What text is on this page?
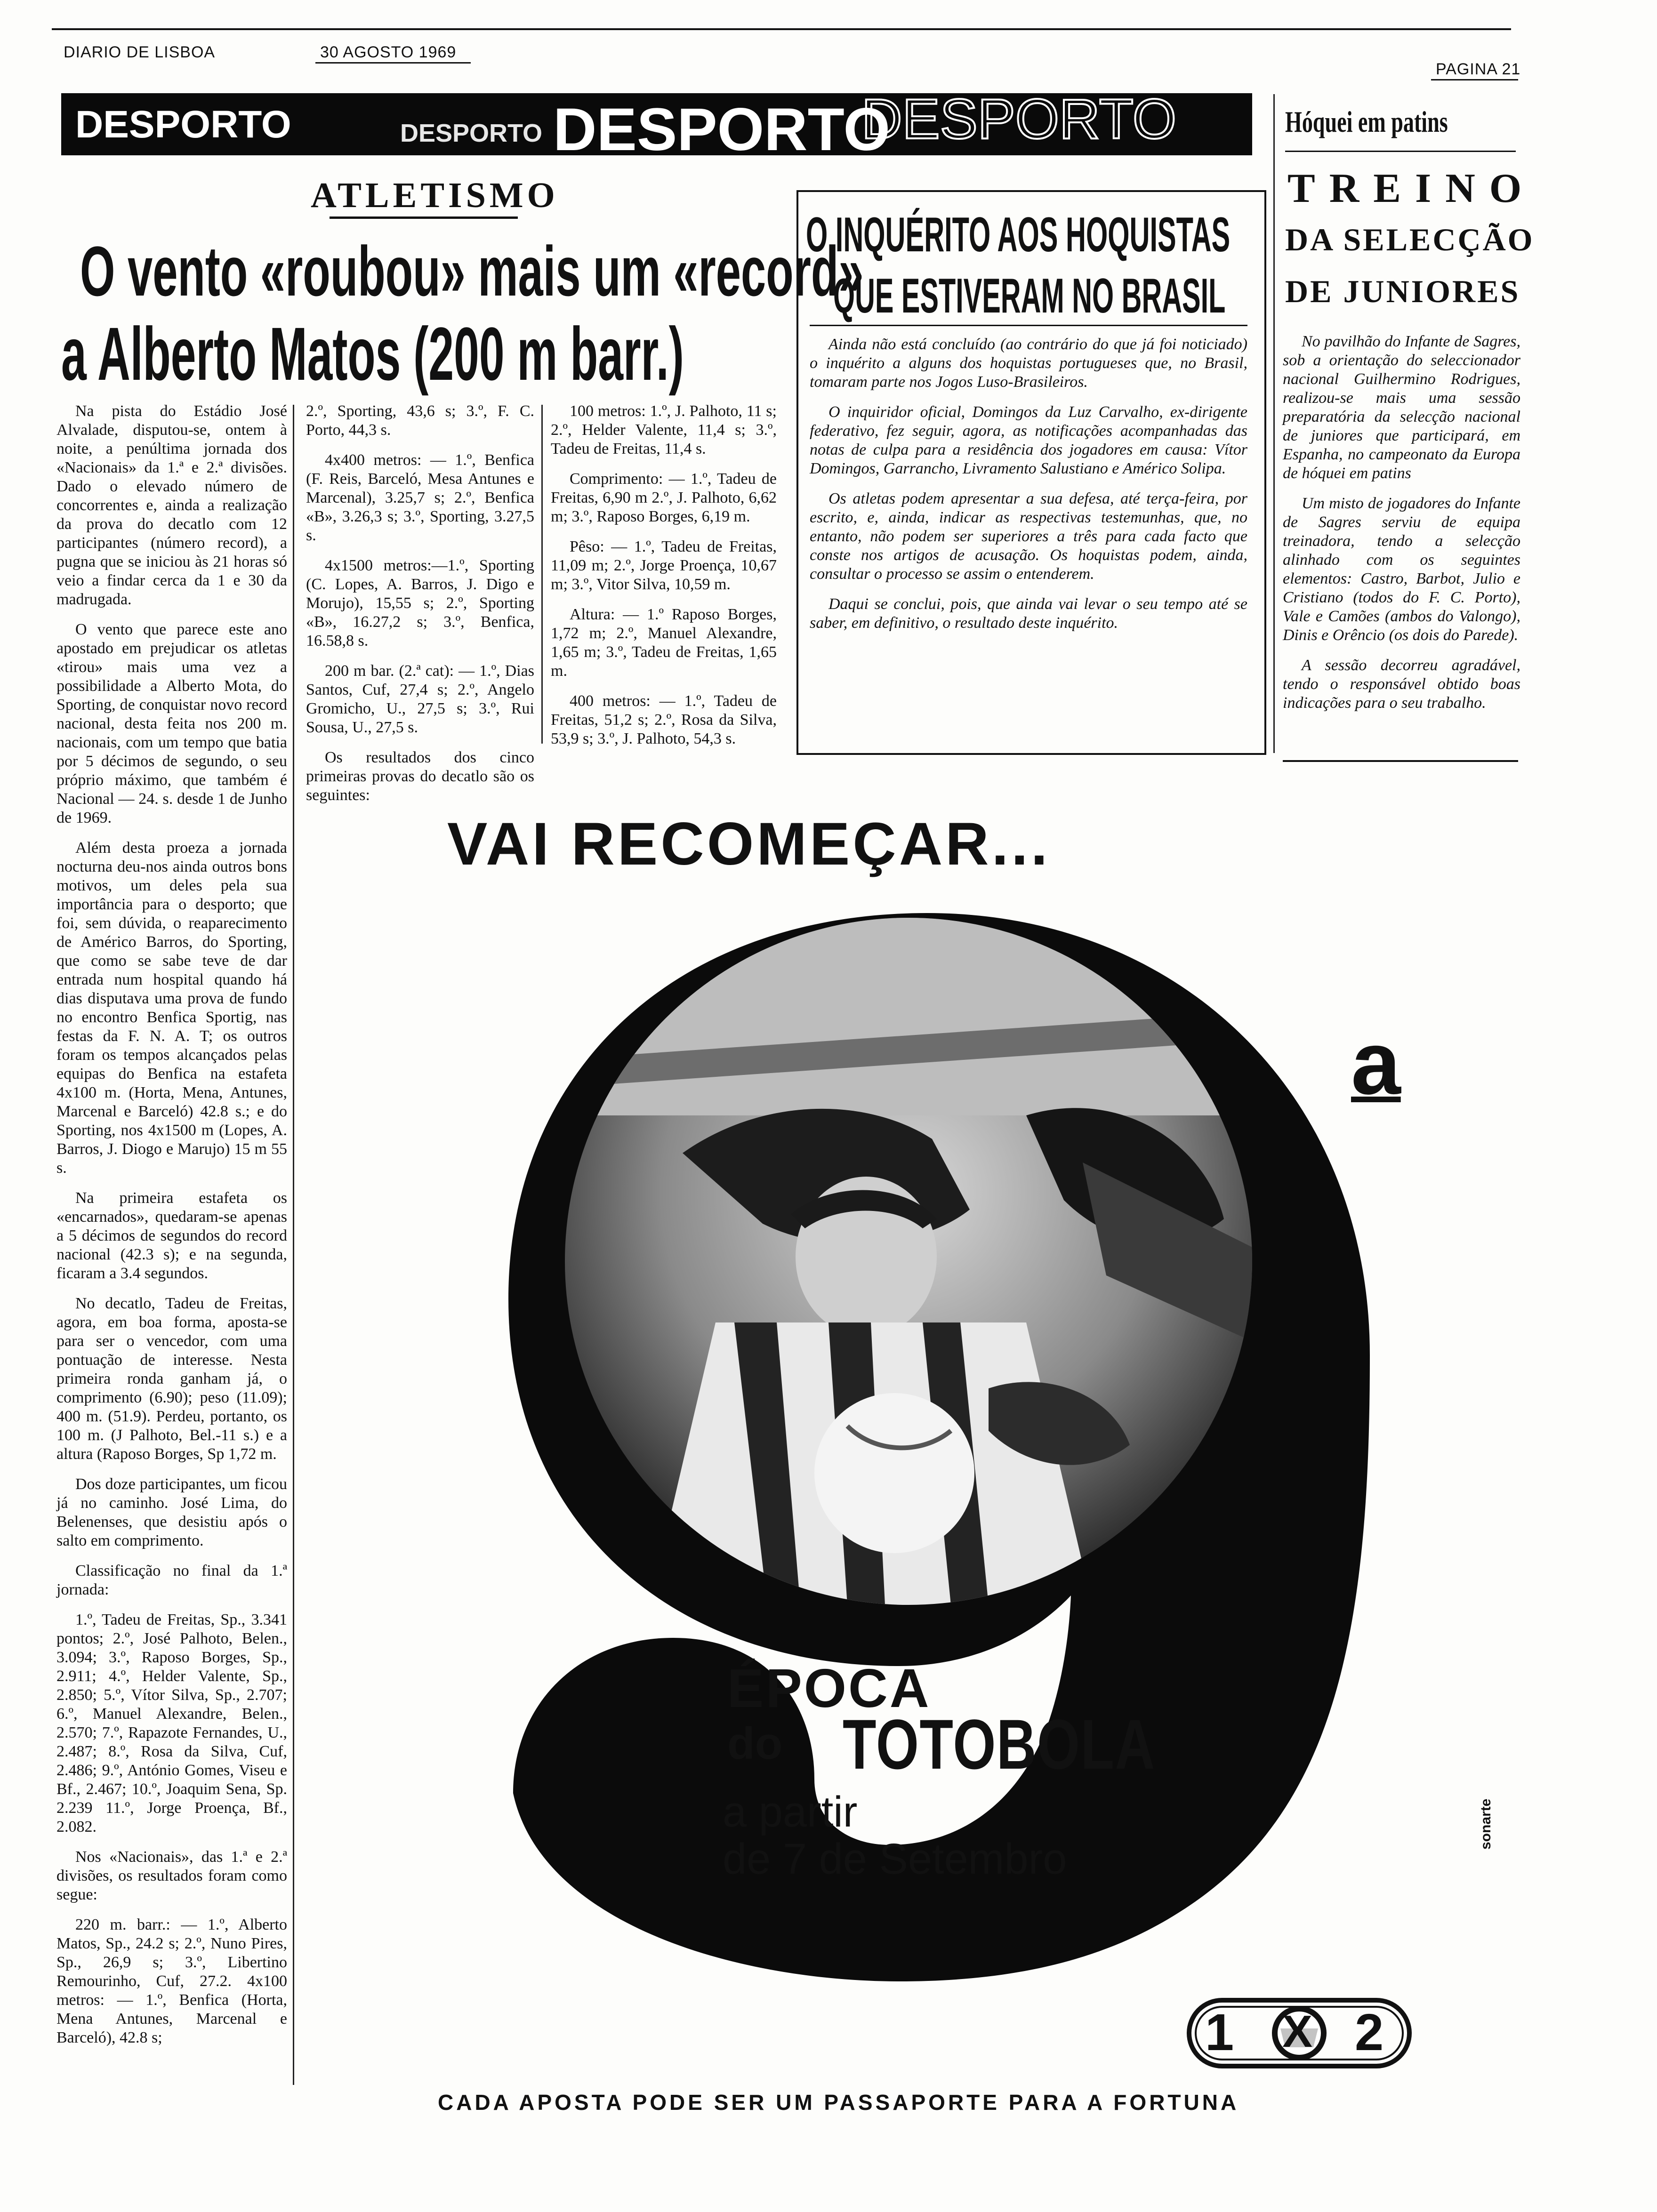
DIARIO DE LISBOA	30 AGOSTO 1969
PAGINA 21
DESPORTO	DESPORTO DESPORTO
DESPORTO
ATLETISMO
O vento «roubou» mais um «record»
a Alberto Matos (200 m barr.)

Na pista do Estádio José Alvalade, disputou-se, ontem à noite, a penúltima jornada dos «Nacionais» da 1.ª e 2.ª divisões. Dado o elevado número de concorrentes e, ainda a realização da prova do decatlo com 12 participantes (número record), a pugna que se iniciou às 21 horas só veio a findar cerca da 1 e 30 da madrugada.

O vento que parece este ano apostado em prejudicar os atletas «tirou» mais uma vez a possibilidade a Alberto Mota, do Sporting, de conquistar novo record nacional, desta feita nos 200 m. nacionais, com um tempo que batia por 5 décimos de segundo, o seu próprio máximo, que também é Nacional — 24. s. desde 1 de Junho de 1969.

Além desta proeza a jornada nocturna deu-nos ainda outros bons motivos, um deles pela sua importância para o desporto; que foi, sem dúvida, o reaparecimento de Américo Barros, do Sporting, que como se sabe teve de dar entrada num hospital quando há dias disputava uma prova de fundo no encontro Benfica Sportig, nas festas da F. N. A. T; os outros foram os tempos alcançados pelas equipas do Benfica na estafeta 4x100 m. (Horta, Mena, Antunes, Marcenal e Barceló) 42.8 s.; e do Sporting, nos 4x1500 m (Lopes, A. Barros, J. Diogo e Marujo) 15 m 55 s.

Na primeira estafeta os «encarnados», quedaram-se apenas a 5 décimos de segundos do record nacional (42.3 s); e na segunda, ficaram a 3.4 segundos.

No decatlo, Tadeu de Freitas, agora, em boa forma, aposta-se para ser o vencedor, com uma pontuação de interesse. Nesta primeira ronda ganham já, o comprimento (6.90); peso (11.09); 400 m. (51.9). Perdeu, portanto, os 100 m. (J Palhoto, Bel.-11 s.) e a altura (Raposo Borges, Sp 1,72 m.

Dos doze participantes, um ficou já no caminho. José Lima, do Belenenses, que desistiu após o salto em comprimento.

Classificação no final da 1.ª jornada:

1.º, Tadeu de Freitas, Sp., 3.341 pontos; 2.º, José Palhoto, Belen., 3.094; 3.º, Raposo Borges, Sp., 2.911; 4.º, Helder Valente, Sp., 2.850; 5.º, Vítor Silva, Sp., 2.707; 6.º, Manuel Alexandre, Belen., 2.570; 7.º, Rapazote Fernandes, U., 2.487; 8.º, Rosa da Silva, Cuf, 2.486; 9.º, António Gomes, Viseu e Bf., 2.467; 10.º, Joaquim Sena, Sp. 2.239 11.º, Jorge Proença, Bf., 2.082.

Nos «Nacionais», das 1.ª e 2.ª divisões, os resultados foram como segue:

220 m. barr.: — 1.º, Alberto Matos, Sp., 24.2 s; 2.º, Nuno Pires, Sp., 26,9 s; 3.º, Libertino Remourinho, Cuf, 27.2. 4x100 metros: — 1.º, Benfica (Horta, Mena Antunes, Marcenal e Barceló), 42.8 s;

2.º, Sporting, 43,6 s; 3.º, F. C. Porto, 44,3 s.

4x400 metros: — 1.º, Benfica (F. Reis, Barceló, Mesa Antunes e Marcenal), 3.25,7 s; 2.º, Benfica «B», 3.26,3 s; 3.º, Sporting, 3.27,5 s.

4x1500 metros:—1.º, Sporting (C. Lopes, A. Barros, J. Digo e Morujo), 15,55 s; 2.º, Sporting «B», 16.27,2 s; 3.º, Benfica, 16.58,8 s.

200 m bar. (2.ª cat): — 1.º, Dias Santos, Cuf, 27,4 s; 2.º, Angelo Gromicho, U., 27,5 s; 3.º, Rui Sousa, U., 27,5 s.

Os resultados dos cinco primeiras provas do decatlo são os seguintes:

100 metros: 1.º, J. Palhoto, 11 s; 2.º, Helder Valente, 11,4 s; 3.º, Tadeu de Freitas, 11,4 s.

Comprimento: — 1.º, Tadeu de Freitas, 6,90 m 2.º, J. Palhoto, 6,62 m; 3.º, Raposo Borges, 6,19 m.

Pêso: — 1.º, Tadeu de Freitas, 11,09 m; 2.º, Jorge Proença, 10,67 m; 3.º, Vitor Silva, 10,59 m.

Altura: — 1.º Raposo Borges, 1,72 m; 2.º, Manuel Alexandre, 1,65 m; 3.º, Tadeu de Freitas, 1,65 m.

400 metros: — 1.º, Tadeu de Freitas, 51,2 s; 2.º, Rosa da Silva, 53,9 s; 3.º, J. Palhoto, 54,3 s.

O INQUÉRITO AOS HOQUISTAS
QUE ESTIVERAM NO BRASIL

Ainda não está concluído (ao contrário do que já foi noticiado) o inquérito a alguns dos hoquistas portugueses que, no Brasil, tomaram parte nos Jogos Luso-Brasileiros.

O inquiridor oficial, Domingos da Luz Carvalho, ex-dirigente federativo, fez seguir, agora, as notificações acompanhadas das notas de culpa para a residência dos jogadores em causa: Vítor Domingos, Garrancho, Livramento Salustiano e Américo Solipa.

Os atletas podem apresentar a sua defesa, até terça-feira, por escrito, e, ainda, indicar as respectivas testemunhas, que, no entanto, não podem ser superiores a três para cada facto que conste nos artigos de acusação. Os hoquistas podem, ainda, consultar o processo se assim o entenderem.

Daqui se conclui, pois, que ainda vai levar o seu tempo até se saber, em definitivo, o resultado deste inquérito.

Hóquei em patins
TREINO
DA SELECÇÃO
DE JUNIORES

No pavilhão do Infante de Sagres, sob a orientação do seleccionador nacional Guilhermino Rodrigues, realizou-se mais uma sessão preparatória da selecção nacional de juniores que participará, em Espanha, no campeonato da Europa de hóquei em patins

Um misto de jogadores do Infante de Sagres serviu de equipa treinadora, tendo a selecção alinhado com os seguintes elementos: Castro, Barbot, Julio e Cristiano (todos do F. C. Porto), Vale e Camões (ambos do Valongo), Dinis e Orêncio (os dois do Parede).

A sessão decorreu agradável, tendo o responsável obtido boas indicações para o seu trabalho.

VAI RECOMEÇAR...
a
ÉPOCA
do TOTOBOLA
a partir
de 7 de Setembro
sonarte
1 X 2
CADA APOSTA PODE SER UM PASSAPORTE PARA A FORTUNA
